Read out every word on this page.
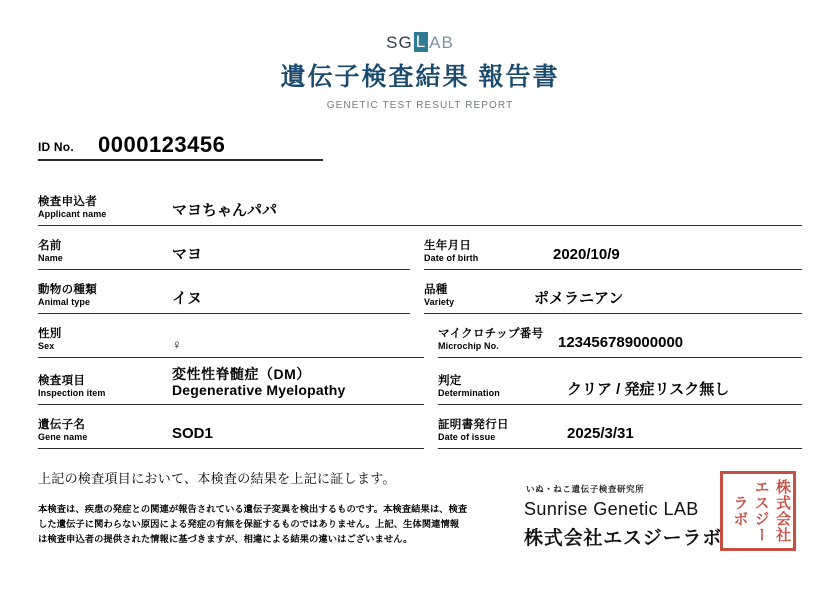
SG L AB
遺伝子検査結果 報告書
GENETIC TEST RESULT REPORT
ID No.	0000123456
検査申込者
Applicant name	マヨちゃんパパ
名前
Name	マヨ
生年月日
Date of birth	2020/10/9
動物の種類
Animal type	イヌ
品種
Variety	ポメラニアン
性別
Sex	♀
マイクロチップ番号
Microchip No.	123456789000000
検査項目
Inspection item
変性性脊髄症（DM）
Degenerative Myelopathy
判定
Determination	クリア / 発症リスク無し
遺伝子名
Gene name	SOD1
証明書発行日
Date of issue	2025/3/31
上記の検査項目において、本検査の結果を上記に証します。
本検査は、疾患の発症との関連が報告されている遺伝子変異を検出するものです。本検査結果は、検査した遺伝子に関わらない原因による発症の有無を保証するものではありません。上記、生体関連情報は検査申込者の提供された情報に基づきますが、相違による結果の違いはございません。
いぬ・ねこ遺伝子検査研究所
Sunrise Genetic LAB
株式会社エスジーラボ	株式会社
エスジー
ラボ
